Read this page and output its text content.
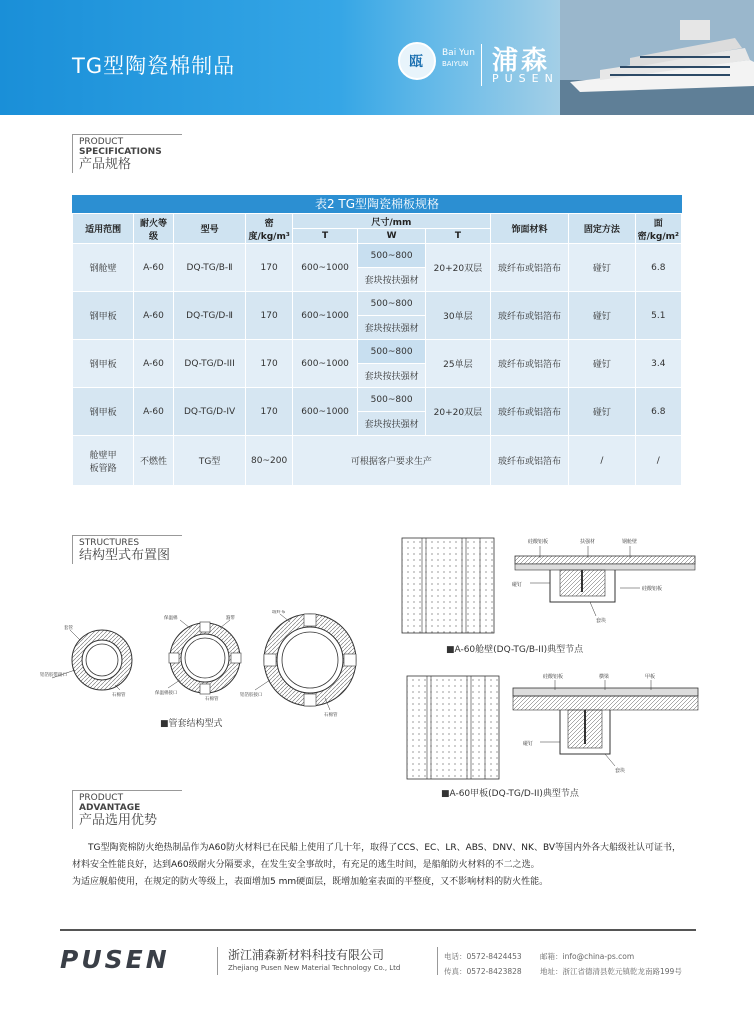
TG型陶瓷棉制品	瓯
Bai Yun
BAIYUN 浦森
PUSEN
PRODUCT
SPECIFICATIONS
产品规格
表2 TG型陶瓷棉板规格
适用范围	耐火等级	型号	密度/kg/m³	尺寸/mm			饰面材料	固定方法	面密/kg/m²
				T	W	T			
钢舱壁	A-60	DQ-TG/B-Ⅱ	170	600~1000	500~800	20+20双层	玻纤布或铝箔布	碰钉	6.8
					套块按扶强材				
钢甲板	A-60	DQ-TG/D-Ⅱ	170	600~1000	500~800	30单层	玻纤布或铝箔布	碰钉	5.1
					套块按扶强材				
钢甲板	A-60	DQ-TG/D-III	170	600~1000	500~800	25单层	玻纤布或铝箔布	碰钉	3.4
					套块按扶强材				
钢甲板	A-60	DQ-TG/D-IV	170	600~1000	500~800	20+20双层	玻纤布或铝箔布	碰钉	6.8
					套块按扶强材				
舱壁甲板管路	不燃性	TG型	80~200	可根据客户要求生产			玻纤布或铝箔布	/	/
STRUCTURES
结构型式布置图
套管
铝箔胶带接口
石棉管
保温棉	箍带
保温棉接口
石棉管
玻纤布
铝箔胶接口
石棉管
■管套结构型式
硅酸铝板	扶强材	钢舱壁
碰钉
硅酸铝板
套块
■A-60舱壁(DQ-TG/B-II)典型节点
硅酸铝板	横梁	甲板
碰钉
套块
■A-60甲板(DQ-TG/D-II)典型节点
PRODUCT
ADVANTAGE
产品选用优势

TG型陶瓷棉防火绝热制品作为A60防火材料已在民船上使用了几十年，取得了CCS、EC、LR、ABS、DNV、NK、BV等国内外各大船级社认可证书，材料安全性能良好，达到A60级耐火分隔要求，在发生安全事故时，有充足的逃生时间，是船舶防火材料的不二之选。

为适应舰船使用，在规定的防火等级上，表面增加5 mm硬面层，既增加舱室表面的平整度，又不影响材料的防火性能。
PUSEN	浙江浦森新材料科技有限公司
Zhejiang Pusen New Material Technology Co., Ltd
电话：0572-8424453
传真：0572-8423828
邮箱：info@china-ps.com
地址：浙江省德清县乾元镇乾龙南路199号
